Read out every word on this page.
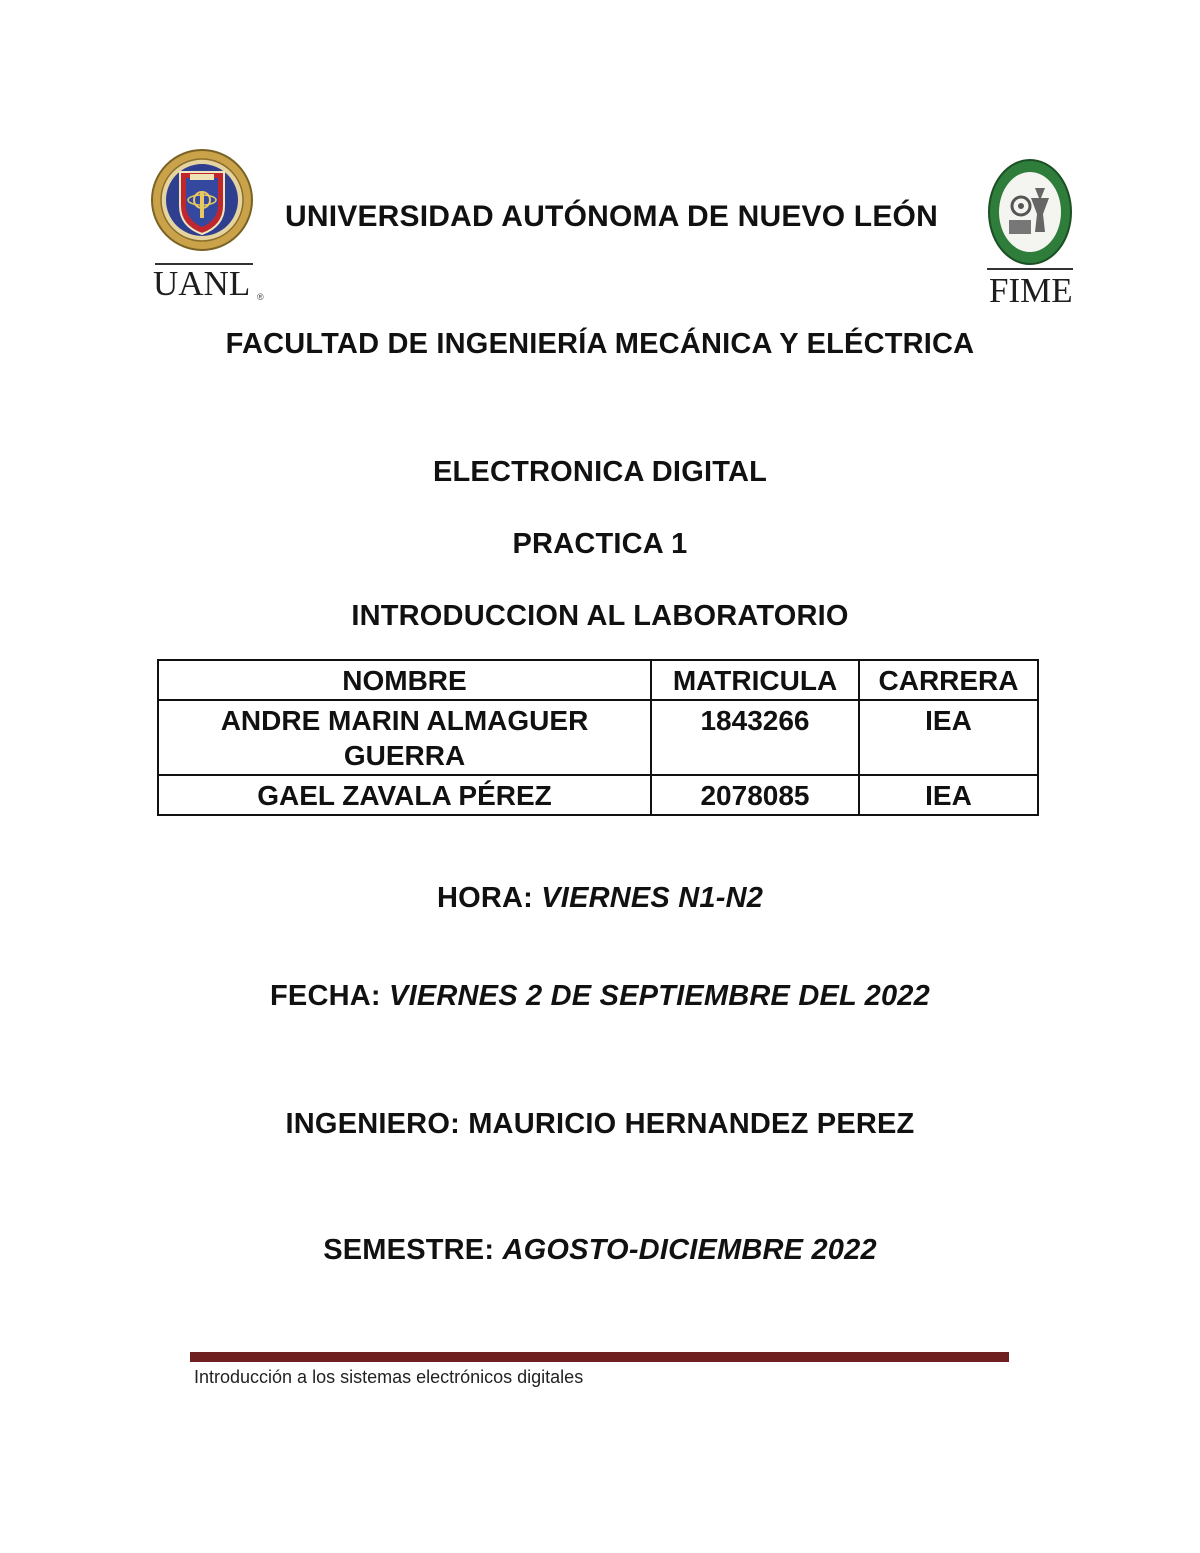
UANL ®
UNIVERSIDAD AUTÓNOMA DE NUEVO LEÓN
FIME
FACULTAD DE INGENIERÍA MECÁNICA Y ELÉCTRICA
ELECTRONICA DIGITAL
PRACTICA 1
INTRODUCCION AL LABORATORIO
NOMBRE	MATRICULA	CARRERA
ANDRE MARIN ALMAGUER GUERRA	1843266	IEA
GAEL ZAVALA PÉREZ	2078085	IEA
HORA: VIERNES N1-N2
FECHA: VIERNES 2 DE SEPTIEMBRE DEL 2022
INGENIERO: MAURICIO HERNANDEZ PEREZ
SEMESTRE: AGOSTO-DICIEMBRE 2022
Introducción a los sistemas electrónicos digitales
